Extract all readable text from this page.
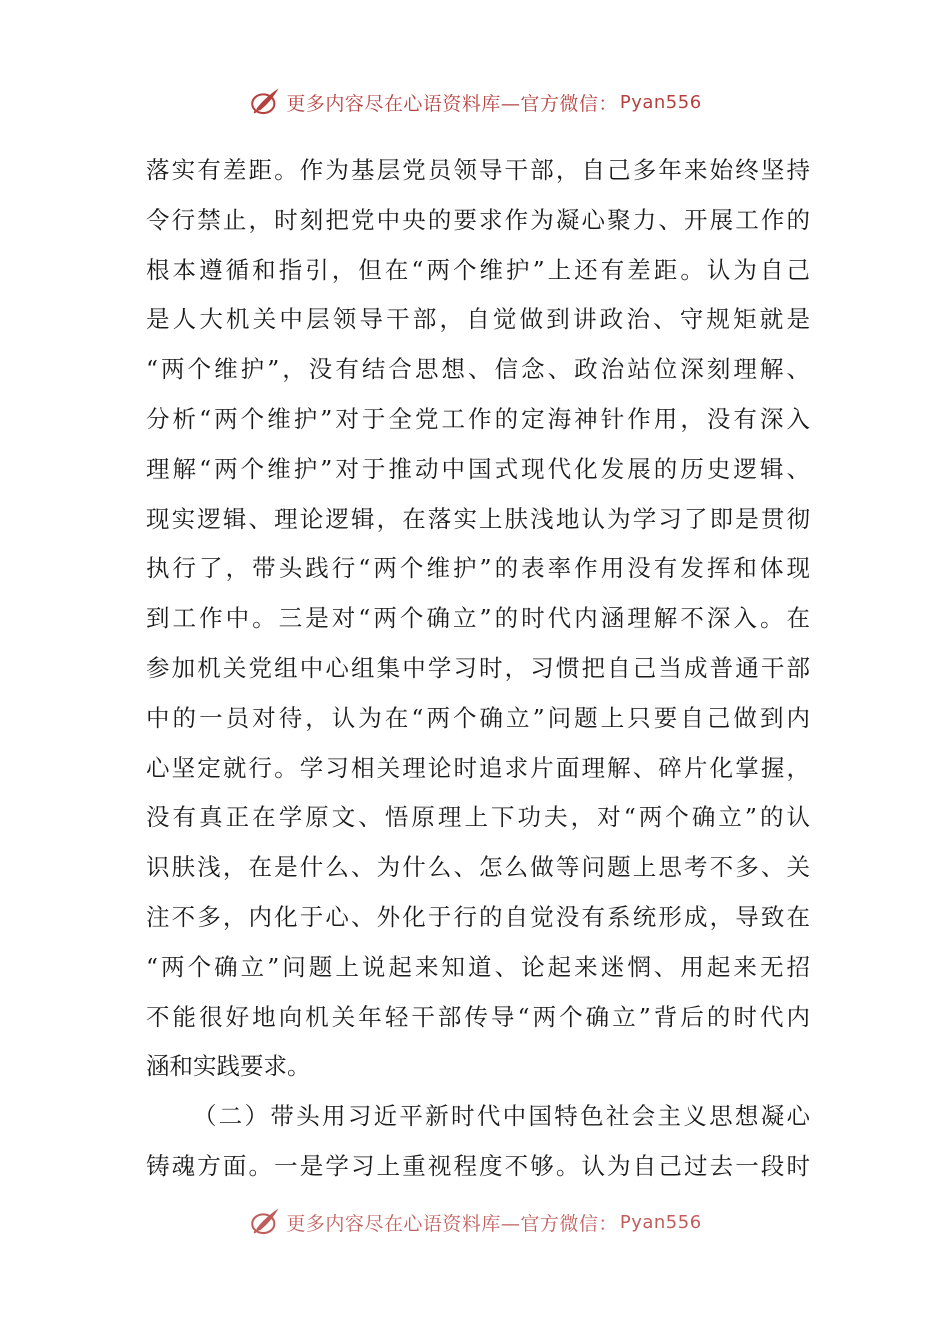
更多内容尽在心语资料库—官方微信： Pyan556
落实有差距。作为基层党员领导干部，自己多年来始终坚持
令行禁止，时刻把党中央的要求作为凝心聚力、开展工作的
根本遵循和指引，但在“两个维护”上还有差距。认为自己
是人大机关中层领导干部，自觉做到讲政治、守规矩就是
“两个维护”，没有结合思想、信念、政治站位深刻理解、
分析“两个维护”对于全党工作的定海神针作用，没有深入
理解“两个维护”对于推动中国式现代化发展的历史逻辑、
现实逻辑、理论逻辑，在落实上肤浅地认为学习了即是贯彻
执行了，带头践行“两个维护”的表率作用没有发挥和体现
到工作中。三是对“两个确立”的时代内涵理解不深入。在
参加机关党组中心组集中学习时，习惯把自己当成普通干部
中的一员对待，认为在“两个确立”问题上只要自己做到内
心坚定就行。学习相关理论时追求片面理解、碎片化掌握，
没有真正在学原文、悟原理上下功夫，对“两个确立”的认
识肤浅，在是什么、为什么、怎么做等问题上思考不多、关
注不多，内化于心、外化于行的自觉没有系统形成，导致在
“两个确立”问题上说起来知道、论起来迷惘、用起来无招
不能很好地向机关年轻干部传导“两个确立”背后的时代内
涵和实践要求。
（二）带头用习近平新时代中国特色社会主义思想凝心
铸魂方面。一是学习上重视程度不够。认为自己过去一段时
更多内容尽在心语资料库—官方微信： Pyan556
